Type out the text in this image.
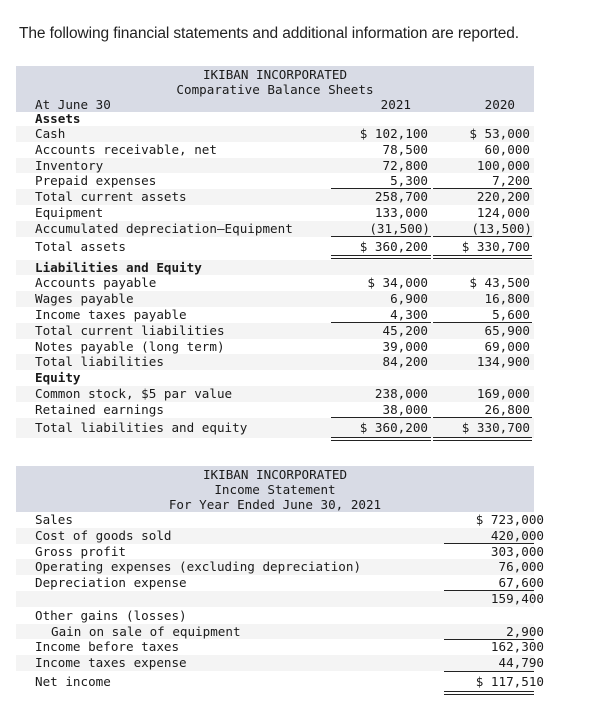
The following financial statements and additional information are reported.
IKIBAN INCORPORATED
Comparative Balance Sheets
At June 30	2021	2020
Assets
Cash	$ 102,100	$ 53,000
Accounts receivable, net	78,500	60,000
Inventory	72,800	100,000
Prepaid expenses	5,300	7,200

Total current assets	258,700	220,200
Equipment	133,000	124,000
Accumulated depreciation—Equipment	(31,500)	(13,500)

Total assets	$ 360,200	$ 330,700

Liabilities and Equity
Accounts payable	$ 34,000	$ 43,500
Wages payable	6,900	16,800
Income taxes payable	4,300	5,600

Total current liabilities	45,200	65,900
Notes payable (long term)	39,000	69,000

Total liabilities	84,200	134,900
Equity
Common stock, $5 par value	238,000	169,000
Retained earnings	38,000	26,800

Total liabilities and equity	$ 360,200	$ 330,700

IKIBAN INCORPORATED
Income Statement
For Year Ended June 30, 2021
Sales	$ 723,000
Cost of goods sold	420,000

Gross profit	303,000
Operating expenses (excluding depreciation)	76,000
Depreciation expense	67,600

159,400
Other gains (losses)
Gain on sale of equipment	2,900

Income before taxes	162,300
Income taxes expense	44,790

Net income	$ 117,510
